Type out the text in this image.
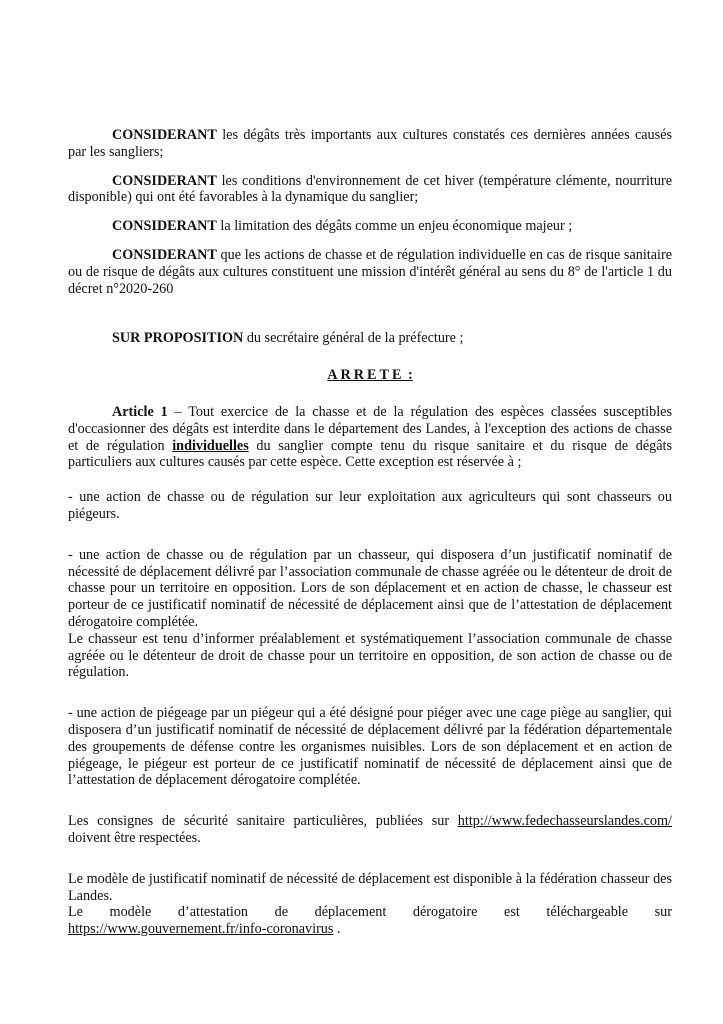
CONSIDERANT les dégâts très importants aux cultures constatés ces dernières années causés par les sangliers;

CONSIDERANT les conditions d'environnement de cet hiver (température clémente, nourriture disponible) qui ont été favorables à la dynamique du sanglier;

CONSIDERANT la limitation des dégâts comme un enjeu économique majeur ;

CONSIDERANT que les actions de chasse et de régulation individuelle en cas de risque sanitaire ou de risque de dégâts aux cultures constituent une mission d'intérêt général au sens du 8° de l'article 1 du décret n°2020-260

SUR PROPOSITION du secrétaire général de la préfecture ;

ARRETE :

Article 1 – Tout exercice de la chasse et de la régulation des espèces classées susceptibles d'occasionner des dégâts est interdite dans le département des Landes, à l'exception des actions de chasse et de régulation individuelles du sanglier compte tenu du risque sanitaire et du risque de dégâts particuliers aux cultures causés par cette espèce. Cette exception est réservée à ;

- une action de chasse ou de régulation sur leur exploitation aux agriculteurs qui sont chasseurs ou piégeurs.

- une action de chasse ou de régulation par un chasseur, qui disposera d’un justificatif nominatif de nécessité de déplacement délivré par l’association communale de chasse agréée ou le détenteur de droit de chasse pour un territoire en opposition. Lors de son déplacement et en action de chasse, le chasseur est porteur de ce justificatif nominatif de nécessité de déplacement ainsi que de l’attestation de déplacement dérogatoire complétée.

Le chasseur est tenu d’informer préalablement et systématiquement l’association communale de chasse agréée ou le détenteur de droit de chasse pour un territoire en opposition, de son action de chasse ou de régulation.

- une action de piégeage par un piégeur qui a été désigné pour piéger avec une cage piège au sanglier, qui disposera d’un justificatif nominatif de nécessité de déplacement délivré par la fédération départementale des groupements de défense contre les organismes nuisibles. Lors de son déplacement et en action de piégeage, le piégeur est porteur de ce justificatif nominatif de nécessité de déplacement ainsi que de l’attestation de déplacement dérogatoire complétée.

Les consignes de sécurité sanitaire particulières, publiées sur http://www.fedechasseurslandes.com/ doivent être respectées.

Le modèle de justificatif nominatif de nécessité de déplacement est disponible à la fédération chasseur des Landes.

Le modèle d’attestation de déplacement dérogatoire est téléchargeable sur
https://www.gouvernement.fr/info-coronavirus .
